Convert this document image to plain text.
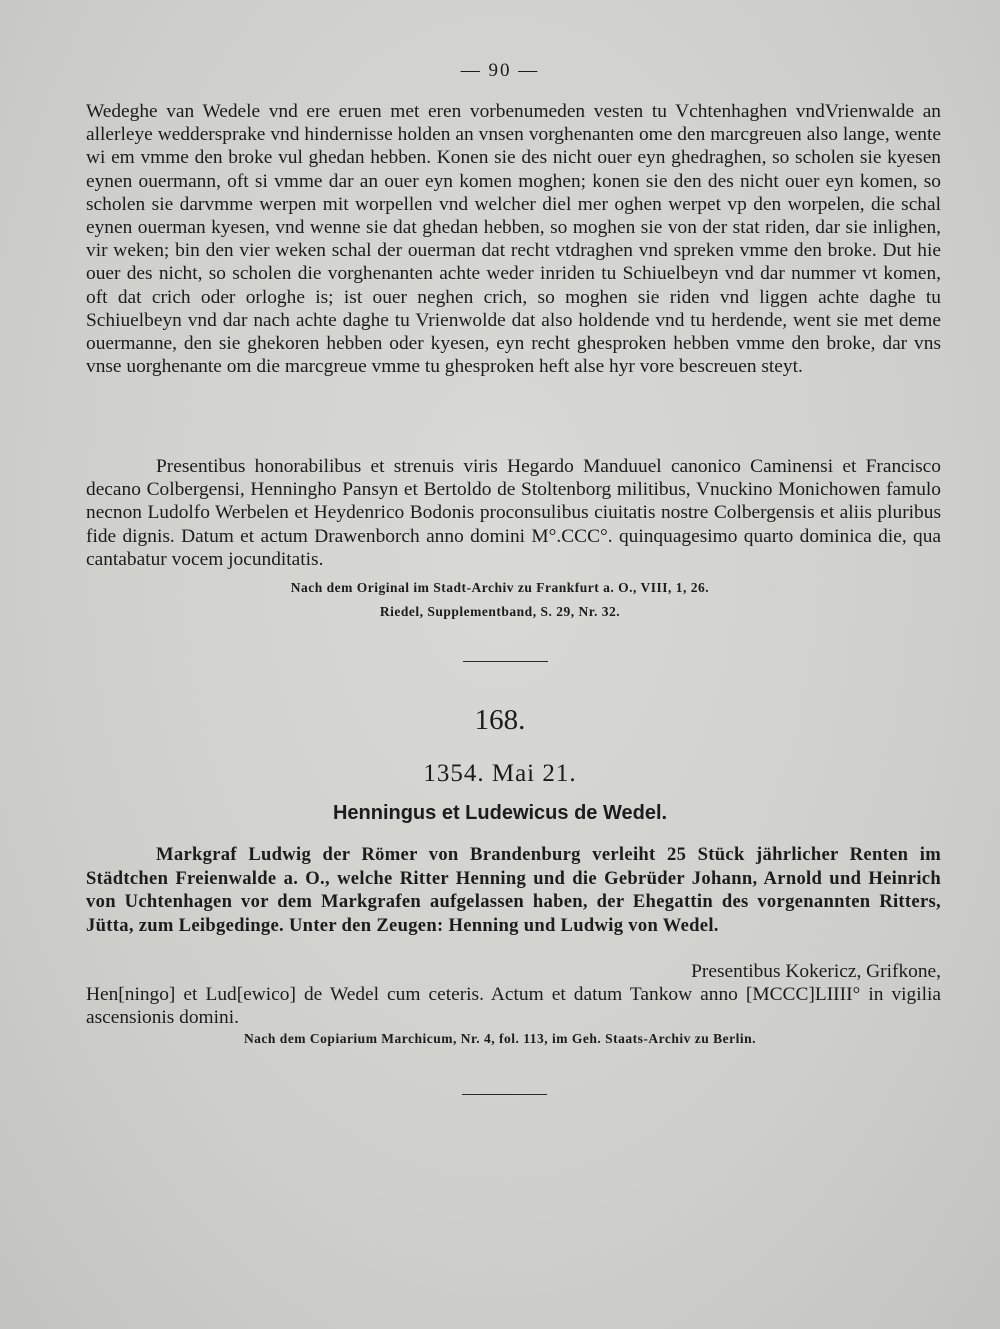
— 90 —

Wedeghe van Wedele vnd ere eruen met eren vorbenumeden vesten tu Vchtenhaghen vndVrienwalde an allerleye weddersprake vnd hindernisse holden an vnsen vorghenanten ome den marcgreuen also lange, wente wi em vmme den broke vul ghedan hebben. Konen sie des nicht ouer eyn ghedraghen, so scholen sie kyesen eynen ouermann, oft si vmme dar an ouer eyn komen moghen; konen sie den des nicht ouer eyn komen, so scholen sie darvmme werpen mit worpellen vnd welcher diel mer oghen werpet vp den worpelen, die schal eynen ouerman kyesen, vnd wenne sie dat ghedan hebben, so moghen sie von der stat riden, dar sie inlighen, vir weken; bin den vier weken schal der ouerman dat recht vtdraghen vnd spreken vmme den broke. Dut hie ouer des nicht, so scholen die vorghenanten achte weder inriden tu Schiuelbeyn vnd dar nummer vt komen, oft dat crich oder orloghe is; ist ouer neghen crich, so moghen sie riden vnd liggen achte daghe tu Schiuelbeyn vnd dar nach achte daghe tu Vrienwolde dat also holdende vnd tu herdende, went sie met deme ouermanne, den sie ghekoren hebben oder kyesen, eyn recht ghesproken hebben vmme den broke, dar vns vnse uorghenante om die marcgreue vmme tu ghesproken heft alse hyr vore bescreuen steyt.

Presentibus honorabilibus et strenuis viris Hegardo Manduuel canonico Caminensi et Francisco decano Colbergensi, Henningho Pansyn et Bertoldo de Stoltenborg militibus, Vnuckino Monichowen famulo necnon Ludolfo Werbelen et Heydenrico Bodonis proconsulibus ciuitatis nostre Colbergensis et aliis pluribus fide dignis. Datum et actum Drawenborch anno domini M°.CCC°. quinquagesimo quarto dominica die, qua cantabatur vocem jocunditatis.

Nach dem Original im Stadt-Archiv zu Frankfurt a. O., VIII, 1, 26.
Riedel, Supplementband, S. 29, Nr. 32.
168.
1354. Mai 21.
Henningus et Ludewicus de Wedel.

Markgraf Ludwig der Römer von Brandenburg verleiht 25 Stück jährlicher Renten im Städtchen Freienwalde a. O., welche Ritter Henning und die Gebrüder Johann, Arnold und Heinrich von Uchtenhagen vor dem Markgrafen aufgelassen haben, der Ehegattin des vorgenannten Ritters, Jütta, zum Leibgedinge. Unter den Zeugen: Henning und Ludwig von Wedel.

Presentibus Kokericz, Grifkone,
Hen[ningo] et Lud[ewico] de Wedel cum ceteris. Actum et datum Tankow anno [MCCC]LIIII° in vigilia ascensionis domini.
Nach dem Copiarium Marchicum, Nr. 4, fol. 113, im Geh. Staats-Archiv zu Berlin.
